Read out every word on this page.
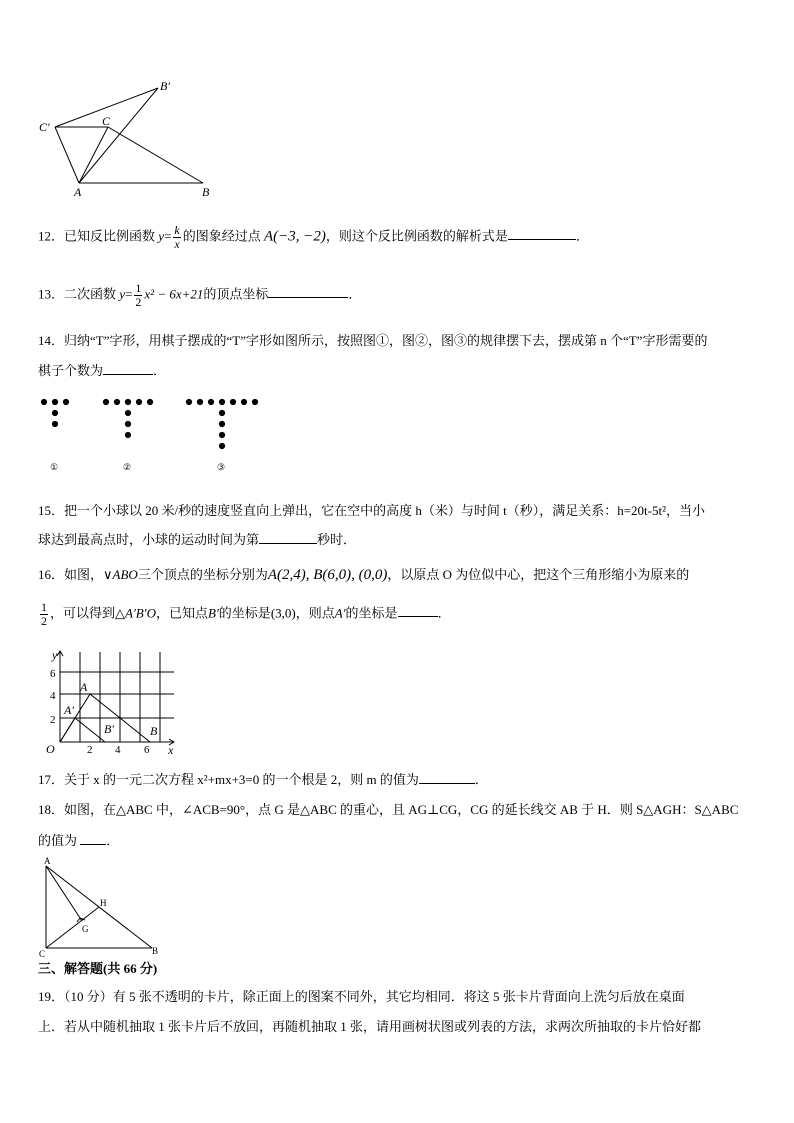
B′
C′	C
A	B
12．已知反比例函数 $y= \frac{k}{x}$ 的图象经过点 A(−3, −2)，则这个反比例函数的解析式是	．
13．二次函数 $y= \frac{1}{2} x^2 - 6x+21$的顶点坐标	．
14．归纳“T”字形，用棋子摆成的“T”字形如图所示，按照图①，图②，图③的规律摆下去，摆成第 n 个“T”字形需要的
棋子个数为	．
①	②	③
15．把一个小球以 20 米/秒的速度竖直向上弹出，它在空中的高度 h（米）与时间 t（秒），满足关系：h=20t-5t²，当小
球达到最高点时，小球的运动时间为第	秒时．
16．如图，∨ABO三个顶点的坐标分别为A(2,4), B(6,0), (0,0)，以原点 O 为位似中心，把这个三角形缩小为原来的
$\frac{1}{2}$ ，可以得到△A′B′O，已知点B′的坐标是(3,0)，则点A′的坐标是	．
y
x
O
A
A′
B′	B
6
4
2
2 4 6
17．关于 x 的一元二次方程 x²+mx+3=0 的一个根是 2，则 m 的值为	．
18．如图，在△ABC 中，∠ACB=90°，点 G 是△ABC 的重心，且 AG⊥CG，CG 的延长线交 AB 于 H．则 S△AGH：S△ABC
的值为 ．
A
H
G
C	B
三、解答题(共 66 分)
19．（10 分）有 5 张不透明的卡片，除正面上的图案不同外，其它均相同．将这 5 张卡片背面向上洗匀后放在桌面
上．若从中随机抽取 1 张卡片后不放回，再随机抽取 1 张，请用画树状图或列表的方法，求两次所抽取的卡片恰好都
